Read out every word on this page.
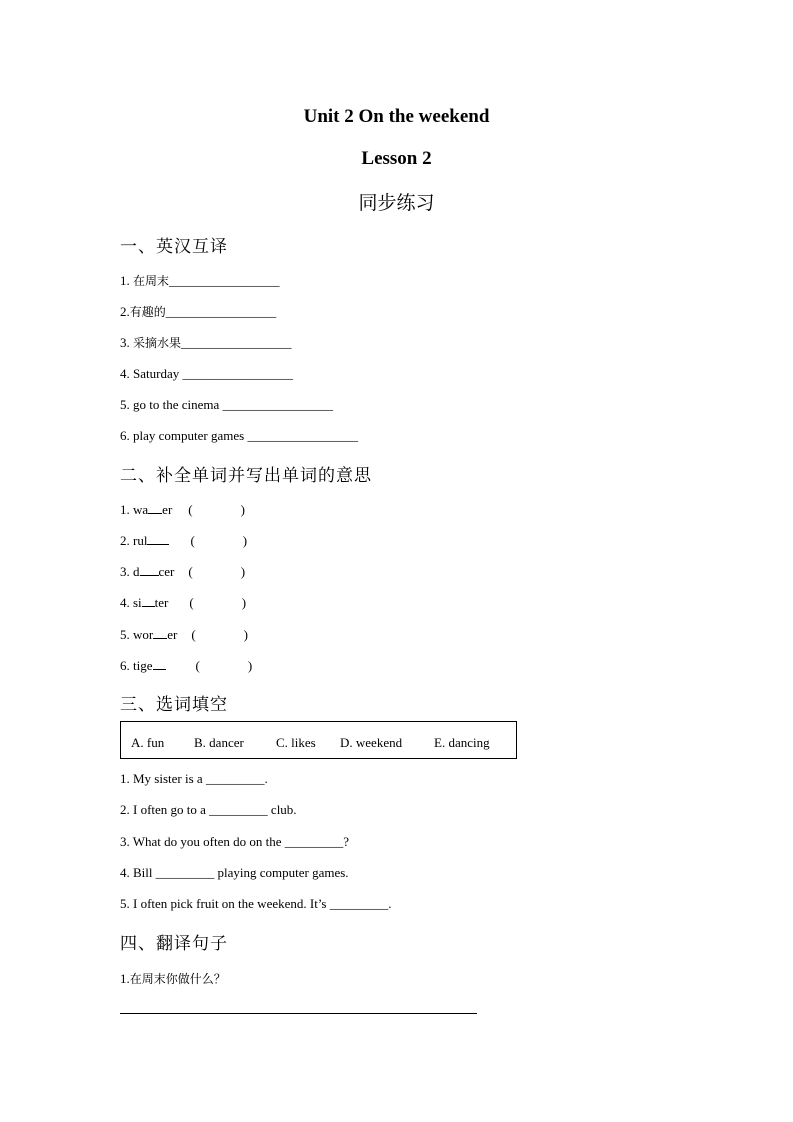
Unit 2 On the weekend
Lesson 2
同步练习
一、英汉互译
1. 在周末_________________
2.有趣的_________________
3. 采摘水果_________________
4. Saturday _________________
5. go to the cinema _________________
6. play computer games _________________
二、补全单词并写出单词的意思
1. wa er (	)
2. rul	(	)
3. d cer (	)
4. si ter (	)
5. wor er (	)
6. tige	(	)
三、选词填空
A. fun B. dancer C. likes D. weekend E. dancing
1. My sister is a _________.
2. I often go to a _________ club.
3. What do you often do on the _________?
4. Bill _________ playing computer games.
5. I often pick fruit on the weekend. It’s _________.
四、翻译句子
1.在周末你做什么？
